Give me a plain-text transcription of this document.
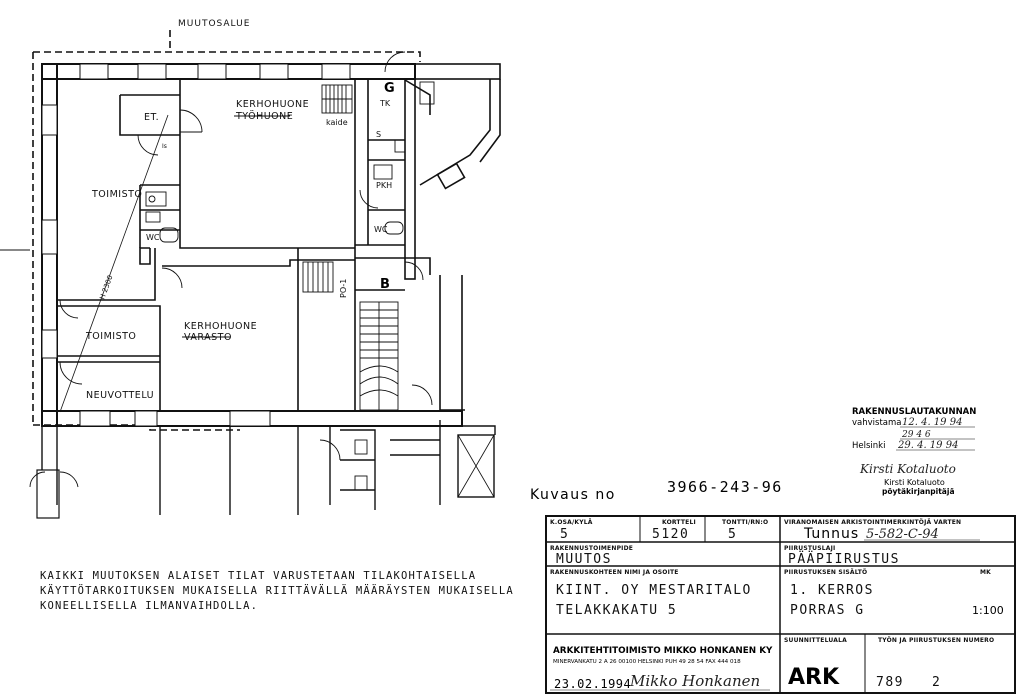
MUUTOSALUE
ET.
KERHOHUONE
TYÖHUONE
kaide
G
TK
S
TOIMISTO
Is
WC
PKH
WC
H 2300	PO-1 B
TOIMISTO
KERHOHUONE
VARASTO
NEUVOTTELU
RAKENNUSLAUTAKUNNAN
vahvistama 12. 4. 19 94
29 4 6
Helsinki 29. 4. 19 94
Kirsti Kotaluoto
Kirsti Kotaluoto
pöytäkirjanpitäjä
Kuvaus no	3966-243-96
K.OSA/KYLÄ	KORTTELI	TONTTI/RN:O
5	5120	5
VIRANOMAISEN ARKISTOINTIMERKINTÖJÄ VARTEN
Tunnus 5-582-C-94
RAKENNUSTOIMENPIDE
MUUTOS
PIIRUSTUSLAJI
PÄÄPIIRUSTUS
RAKENNUSKOHTEEN NIMI JA OSOITE
KIINT. OY MESTARITALO
TELAKKAKATU 5
PIIRUSTUKSEN SISÄLTÖ	MK
1. KERROS
PORRAS G	1:100
ARKKITEHTITOIMISTO MIKKO HONKANEN KY
MINERVANKATU 2 A 26 00100 HELSINKI PUH 49 28 54 FAX 444 018
23.02.1994
Mikko Honkanen
SUUNNITTELUALA	TYÖN JA PIIRUSTUKSEN NUMERO
ARK	789 2
KAIKKI MUUTOKSEN ALAISET TILAT VARUSTETAAN TILAKOHTAISELLA
KÄYTTÖTARKOITUKSEN MUKAISELLA RIITTÄVÄLLÄ MÄÄRÄYSTEN MUKAISELLA
KONEELLISELLA ILMANVAIHDOLLA.
